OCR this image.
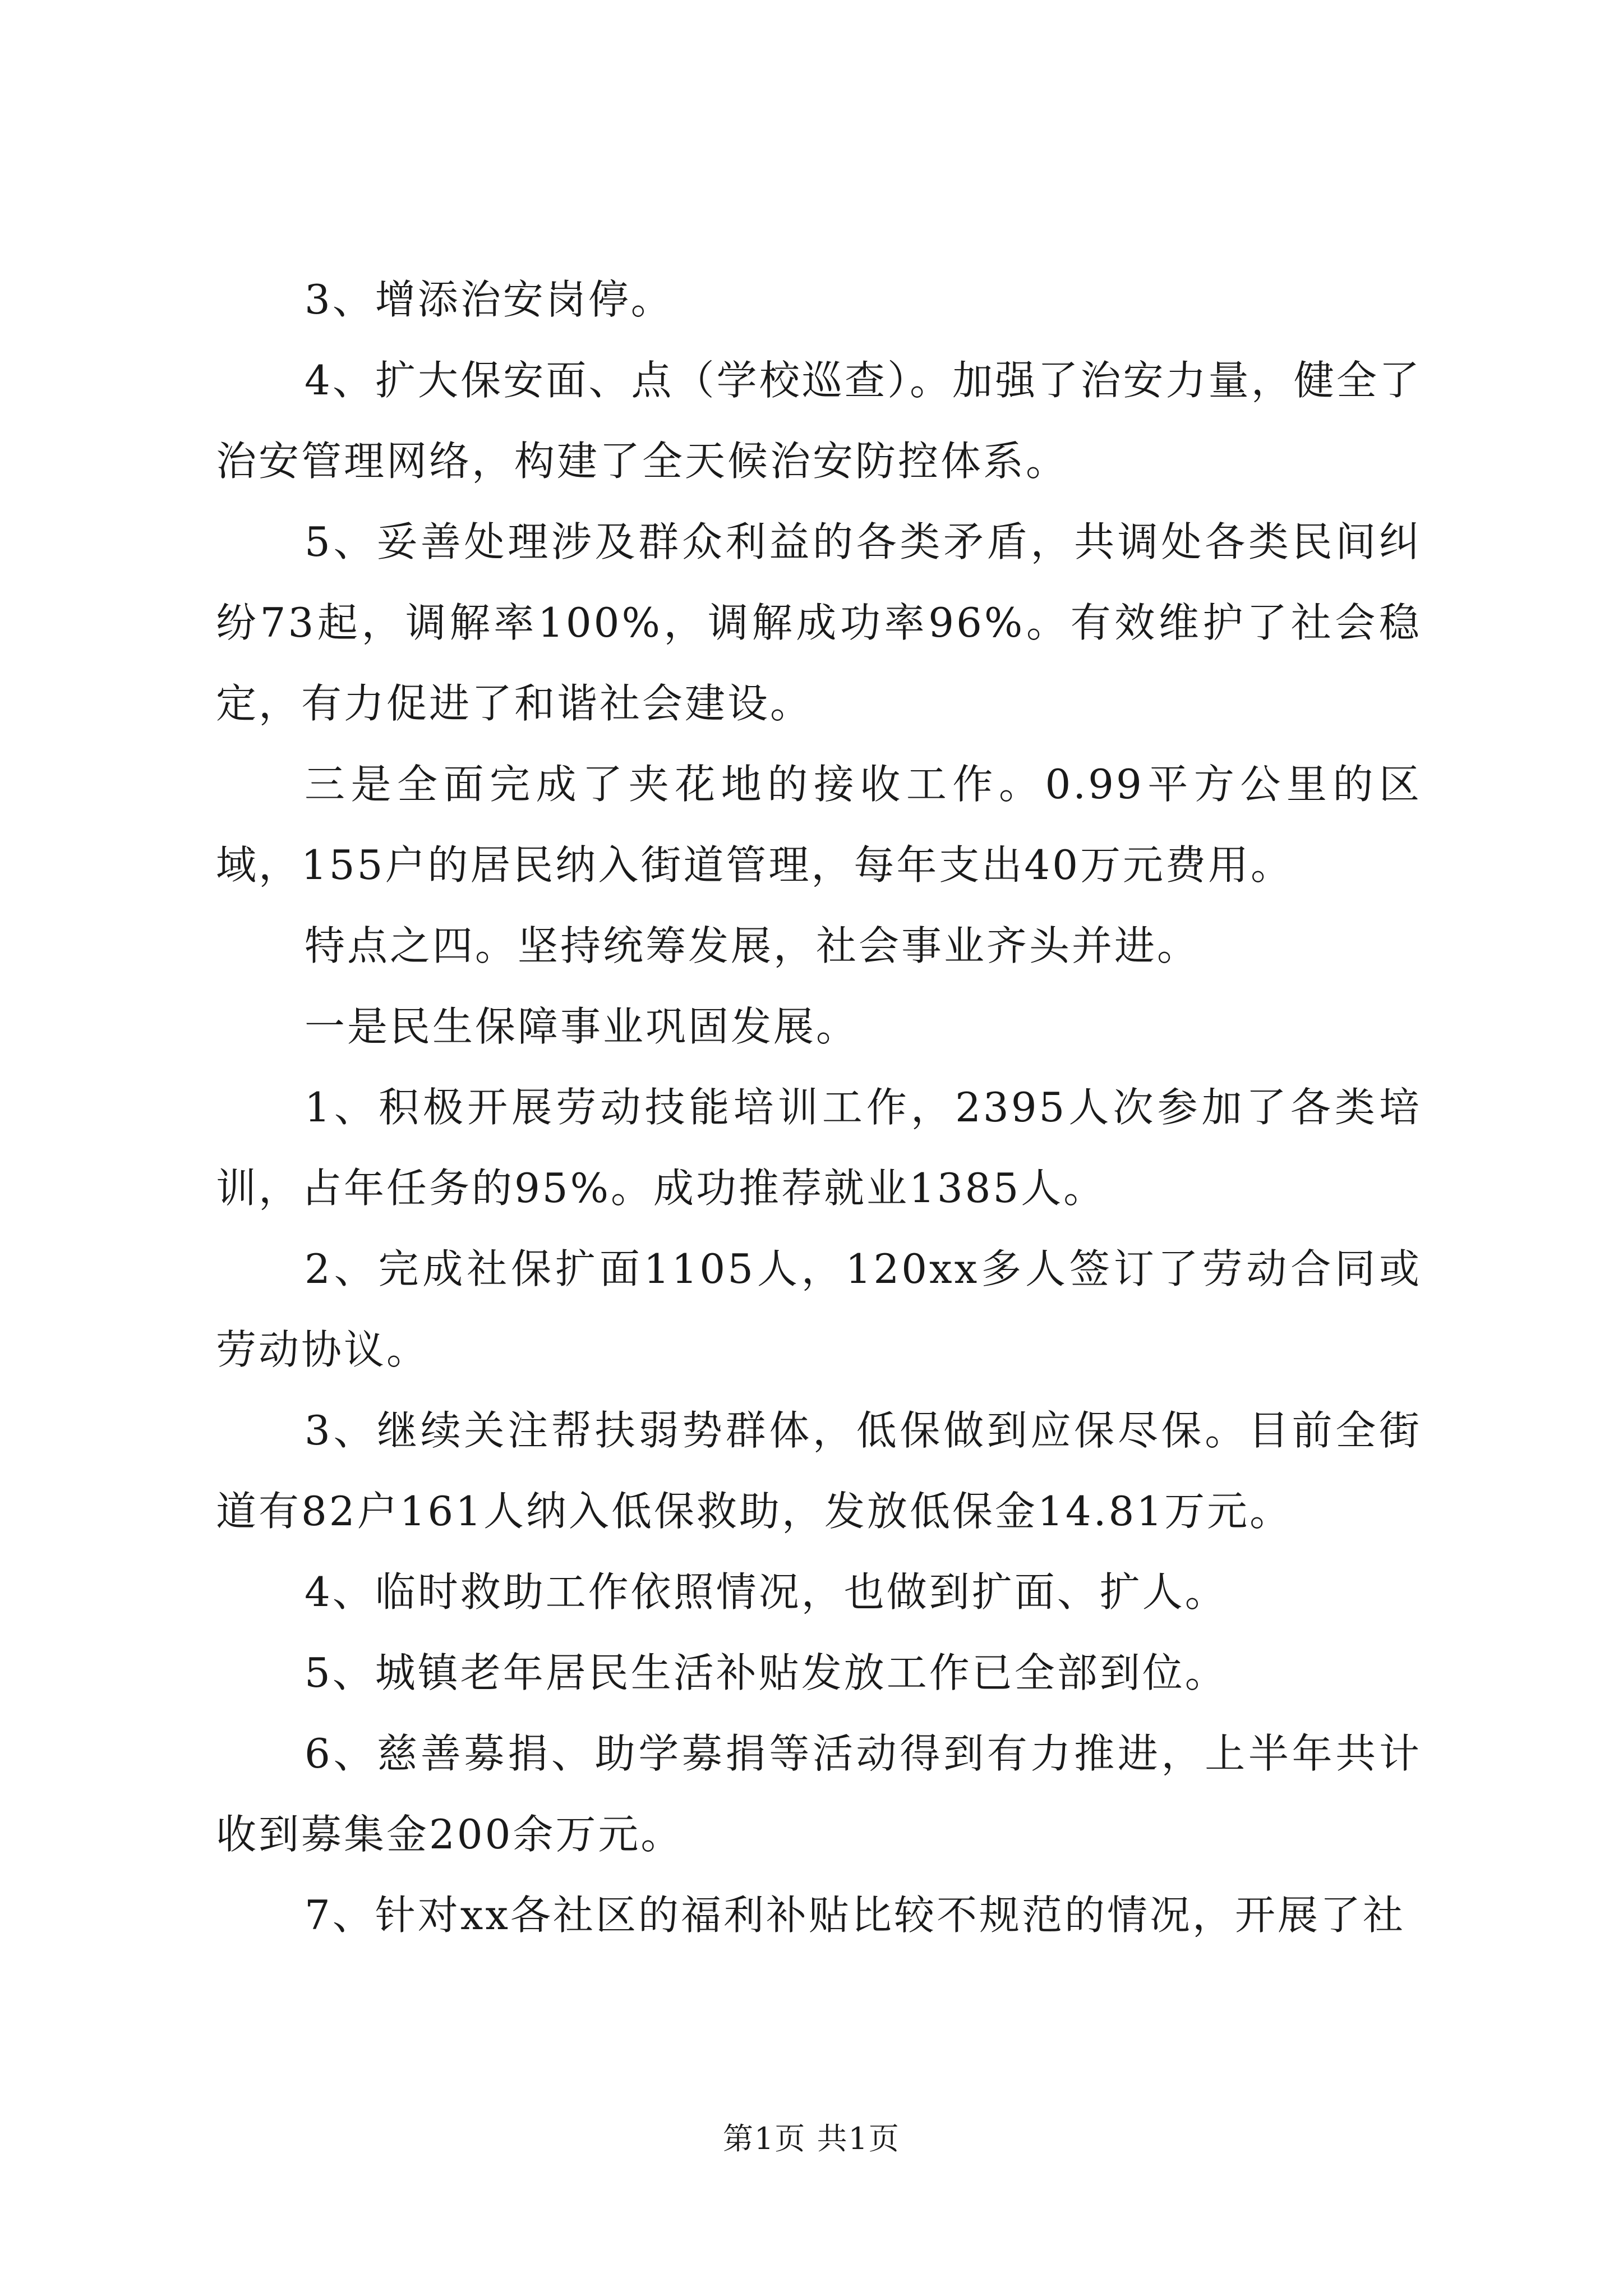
3、增添治安岗停。

4、扩大保安面、点（学校巡查）。加强了治安力量，健全了治安管理网络，构建了全天候治安防控体系。

5、妥善处理涉及群众利益的各类矛盾，共调处各类民间纠纷73起，调解率100%，调解成功率96%。有效维护了社会稳定，有力促进了和谐社会建设。

三是全面完成了夹花地的接收工作。0.99平方公里的区域，155户的居民纳入街道管理，每年支出40万元费用。

特点之四。坚持统筹发展，社会事业齐头并进。

一是民生保障事业巩固发展。

1、积极开展劳动技能培训工作，2395人次参加了各类培训，占年任务的95%。成功推荐就业1385人。

2、完成社保扩面1105人，120xx多人签订了劳动合同或劳动协议。

3、继续关注帮扶弱势群体，低保做到应保尽保。目前全街道有82户161人纳入低保救助，发放低保金14.81万元。

4、临时救助工作依照情况，也做到扩面、扩人。

5、城镇老年居民生活补贴发放工作已全部到位。

6、慈善募捐、助学募捐等活动得到有力推进，上半年共计收到募集金200余万元。

7、针对xx各社区的福利补贴比较不规范的情况，开展了社

第1页 共1页
